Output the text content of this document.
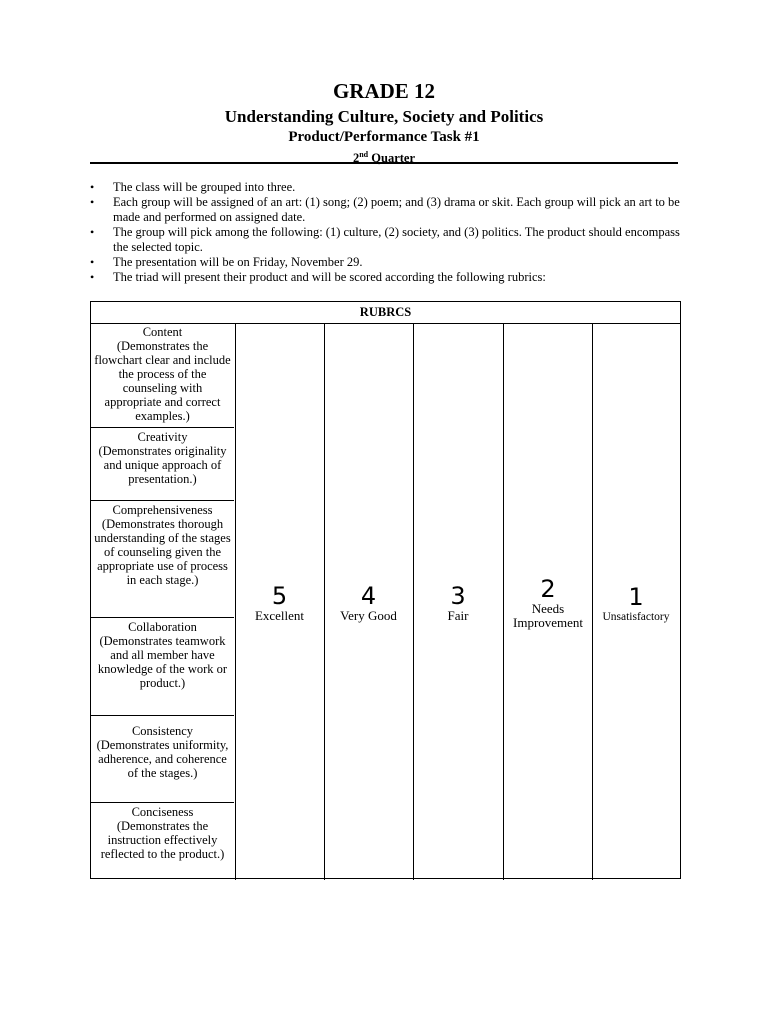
GRADE 12
Understanding Culture, Society and Politics
Product/Performance Task #1
2nd Quarter
• The class will be grouped into three.
• Each group will be assigned of an art: (1) song; (2) poem; and (3) drama or skit. Each group will pick an art to be made and performed on assigned date.
• The group will pick among the following: (1) culture, (2) society, and (3) politics. The product should encompass the selected topic.
• The presentation will be on Friday, November 29.
• The triad will present their product and will be scored according the following rubrics:
RUBRCS
Content
(Demonstrates the flowchart clear and include the process of the counseling with appropriate and correct examples.)
Creativity
(Demonstrates originality and unique approach of presentation.)
Comprehensiveness
(Demonstrates thorough understanding of the stages of counseling given the appropriate use of process in each stage.)
Collaboration
(Demonstrates teamwork and all member have knowledge of the work or product.)
Consistency
(Demonstrates uniformity, adherence, and coherence of the stages.)
Conciseness
(Demonstrates the instruction effectively reflected to the product.)
5
Excellent
4
Very Good
3
Fair
2
Needs Improvement
1
Unsatisfactory
